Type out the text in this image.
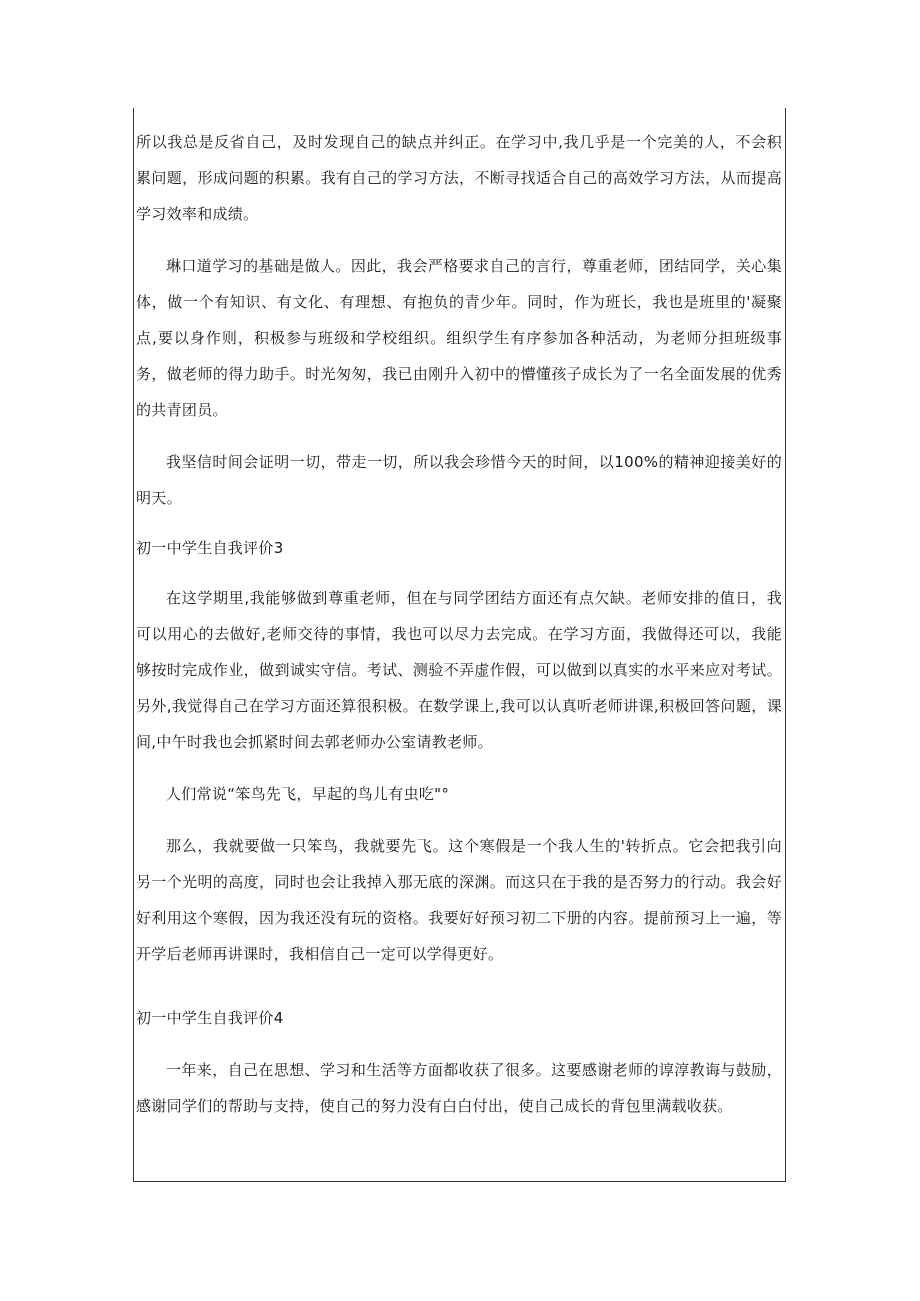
所以我总是反省自己，及时发现自己的缺点并纠正。在学习中,我几乎是一个完美的人，不会积累问题，形成问题的积累。我有自己的学习方法，不断寻找适合自己的高效学习方法，从而提高学习效率和成绩。

琳口道学习的基础是做人。因此，我会严格要求自己的言行，尊重老师，团结同学，关心集体，做一个有知识、有文化、有理想、有抱负的青少年。同时，作为班长，我也是班里的'凝聚点,要以身作则，积极参与班级和学校组织。组织学生有序参加各种活动，为老师分担班级事务，做老师的得力助手。时光匆匆，我已由刚升入初中的懵懂孩子成长为了一名全面发展的优秀的共青团员。

我坚信时间会证明一切，带走一切，所以我会珍惜今天的时间，以100%的精神迎接美好的明天。

初一中学生自我评价3

在这学期里,我能够做到尊重老师，但在与同学团结方面还有点欠缺。老师安排的值日，我可以用心的去做好,老师交待的事情，我也可以尽力去完成。在学习方面，我做得还可以，我能够按时完成作业，做到诚实守信。考试、测验不弄虚作假，可以做到以真实的水平来应对考试。另外,我觉得自己在学习方面还算很积极。在数学课上,我可以认真听老师讲课,积极回答问题，课间,中午时我也会抓紧时间去郭老师办公室请教老师。

人们常说“笨鸟先飞，早起的鸟儿有虫吃"°

那么，我就要做一只笨鸟，我就要先飞。这个寒假是一个我人生的'转折点。它会把我引向另一个光明的高度，同时也会让我掉入那无底的深渊。而这只在于我的是否努力的行动。我会好好利用这个寒假，因为我还没有玩的资格。我要好好预习初二下册的内容。提前预习上一遍，等开学后老师再讲课时，我相信自己一定可以学得更好。

初一中学生自我评价4

一年来，自己在思想、学习和生活等方面都收获了很多。这要感谢老师的谆淳教诲与鼓励，感谢同学们的帮助与支持，使自己的努力没有白白付出，使自己成长的背包里满载收获。
